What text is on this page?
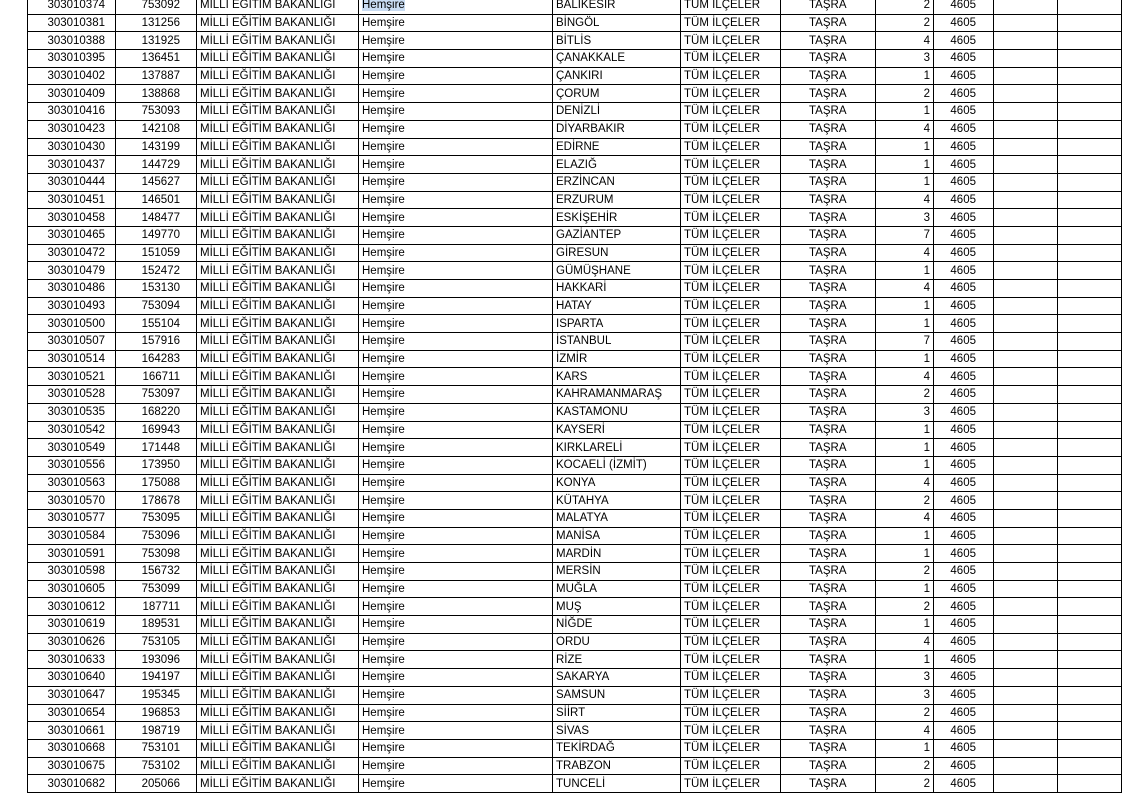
303010374	753092	MİLLİ EĞİTİM BAKANLIĞI	Hemşire	BALIKESİR	TÜM İLÇELER	TAŞRA	2	4605		
303010381	131256	MİLLİ EĞİTİM BAKANLIĞI	Hemşire	BİNGÖL	TÜM İLÇELER	TAŞRA	2	4605		
303010388	131925	MİLLİ EĞİTİM BAKANLIĞI	Hemşire	BİTLİS	TÜM İLÇELER	TAŞRA	4	4605		
303010395	136451	MİLLİ EĞİTİM BAKANLIĞI	Hemşire	ÇANAKKALE	TÜM İLÇELER	TAŞRA	3	4605		
303010402	137887	MİLLİ EĞİTİM BAKANLIĞI	Hemşire	ÇANKIRI	TÜM İLÇELER	TAŞRA	1	4605		
303010409	138868	MİLLİ EĞİTİM BAKANLIĞI	Hemşire	ÇORUM	TÜM İLÇELER	TAŞRA	2	4605		
303010416	753093	MİLLİ EĞİTİM BAKANLIĞI	Hemşire	DENİZLİ	TÜM İLÇELER	TAŞRA	1	4605		
303010423	142108	MİLLİ EĞİTİM BAKANLIĞI	Hemşire	DİYARBAKIR	TÜM İLÇELER	TAŞRA	4	4605		
303010430	143199	MİLLİ EĞİTİM BAKANLIĞI	Hemşire	EDİRNE	TÜM İLÇELER	TAŞRA	1	4605		
303010437	144729	MİLLİ EĞİTİM BAKANLIĞI	Hemşire	ELAZIĞ	TÜM İLÇELER	TAŞRA	1	4605		
303010444	145627	MİLLİ EĞİTİM BAKANLIĞI	Hemşire	ERZİNCAN	TÜM İLÇELER	TAŞRA	1	4605		
303010451	146501	MİLLİ EĞİTİM BAKANLIĞI	Hemşire	ERZURUM	TÜM İLÇELER	TAŞRA	4	4605		
303010458	148477	MİLLİ EĞİTİM BAKANLIĞI	Hemşire	ESKİŞEHİR	TÜM İLÇELER	TAŞRA	3	4605		
303010465	149770	MİLLİ EĞİTİM BAKANLIĞI	Hemşire	GAZİANTEP	TÜM İLÇELER	TAŞRA	7	4605		
303010472	151059	MİLLİ EĞİTİM BAKANLIĞI	Hemşire	GİRESUN	TÜM İLÇELER	TAŞRA	4	4605		
303010479	152472	MİLLİ EĞİTİM BAKANLIĞI	Hemşire	GÜMÜŞHANE	TÜM İLÇELER	TAŞRA	1	4605		
303010486	153130	MİLLİ EĞİTİM BAKANLIĞI	Hemşire	HAKKARİ	TÜM İLÇELER	TAŞRA	4	4605		
303010493	753094	MİLLİ EĞİTİM BAKANLIĞI	Hemşire	HATAY	TÜM İLÇELER	TAŞRA	1	4605		
303010500	155104	MİLLİ EĞİTİM BAKANLIĞI	Hemşire	ISPARTA	TÜM İLÇELER	TAŞRA	1	4605		
303010507	157916	MİLLİ EĞİTİM BAKANLIĞI	Hemşire	İSTANBUL	TÜM İLÇELER	TAŞRA	7	4605		
303010514	164283	MİLLİ EĞİTİM BAKANLIĞI	Hemşire	İZMİR	TÜM İLÇELER	TAŞRA	1	4605		
303010521	166711	MİLLİ EĞİTİM BAKANLIĞI	Hemşire	KARS	TÜM İLÇELER	TAŞRA	4	4605		
303010528	753097	MİLLİ EĞİTİM BAKANLIĞI	Hemşire	KAHRAMANMARAŞ	TÜM İLÇELER	TAŞRA	2	4605		
303010535	168220	MİLLİ EĞİTİM BAKANLIĞI	Hemşire	KASTAMONU	TÜM İLÇELER	TAŞRA	3	4605		
303010542	169943	MİLLİ EĞİTİM BAKANLIĞI	Hemşire	KAYSERİ	TÜM İLÇELER	TAŞRA	1	4605		
303010549	171448	MİLLİ EĞİTİM BAKANLIĞI	Hemşire	KIRKLARELİ	TÜM İLÇELER	TAŞRA	1	4605		
303010556	173950	MİLLİ EĞİTİM BAKANLIĞI	Hemşire	KOCAELİ (İZMİT)	TÜM İLÇELER	TAŞRA	1	4605		
303010563	175088	MİLLİ EĞİTİM BAKANLIĞI	Hemşire	KONYA	TÜM İLÇELER	TAŞRA	4	4605		
303010570	178678	MİLLİ EĞİTİM BAKANLIĞI	Hemşire	KÜTAHYA	TÜM İLÇELER	TAŞRA	2	4605		
303010577	753095	MİLLİ EĞİTİM BAKANLIĞI	Hemşire	MALATYA	TÜM İLÇELER	TAŞRA	4	4605		
303010584	753096	MİLLİ EĞİTİM BAKANLIĞI	Hemşire	MANİSA	TÜM İLÇELER	TAŞRA	1	4605		
303010591	753098	MİLLİ EĞİTİM BAKANLIĞI	Hemşire	MARDİN	TÜM İLÇELER	TAŞRA	1	4605		
303010598	156732	MİLLİ EĞİTİM BAKANLIĞI	Hemşire	MERSİN	TÜM İLÇELER	TAŞRA	2	4605		
303010605	753099	MİLLİ EĞİTİM BAKANLIĞI	Hemşire	MUĞLA	TÜM İLÇELER	TAŞRA	1	4605		
303010612	187711	MİLLİ EĞİTİM BAKANLIĞI	Hemşire	MUŞ	TÜM İLÇELER	TAŞRA	2	4605		
303010619	189531	MİLLİ EĞİTİM BAKANLIĞI	Hemşire	NİĞDE	TÜM İLÇELER	TAŞRA	1	4605		
303010626	753105	MİLLİ EĞİTİM BAKANLIĞI	Hemşire	ORDU	TÜM İLÇELER	TAŞRA	4	4605		
303010633	193096	MİLLİ EĞİTİM BAKANLIĞI	Hemşire	RİZE	TÜM İLÇELER	TAŞRA	1	4605		
303010640	194197	MİLLİ EĞİTİM BAKANLIĞI	Hemşire	SAKARYA	TÜM İLÇELER	TAŞRA	3	4605		
303010647	195345	MİLLİ EĞİTİM BAKANLIĞI	Hemşire	SAMSUN	TÜM İLÇELER	TAŞRA	3	4605		
303010654	196853	MİLLİ EĞİTİM BAKANLIĞI	Hemşire	SİİRT	TÜM İLÇELER	TAŞRA	2	4605		
303010661	198719	MİLLİ EĞİTİM BAKANLIĞI	Hemşire	SİVAS	TÜM İLÇELER	TAŞRA	4	4605		
303010668	753101	MİLLİ EĞİTİM BAKANLIĞI	Hemşire	TEKİRDAĞ	TÜM İLÇELER	TAŞRA	1	4605		
303010675	753102	MİLLİ EĞİTİM BAKANLIĞI	Hemşire	TRABZON	TÜM İLÇELER	TAŞRA	2	4605		
303010682	205066	MİLLİ EĞİTİM BAKANLIĞI	Hemşire	TUNCELİ	TÜM İLÇELER	TAŞRA	2	4605		
